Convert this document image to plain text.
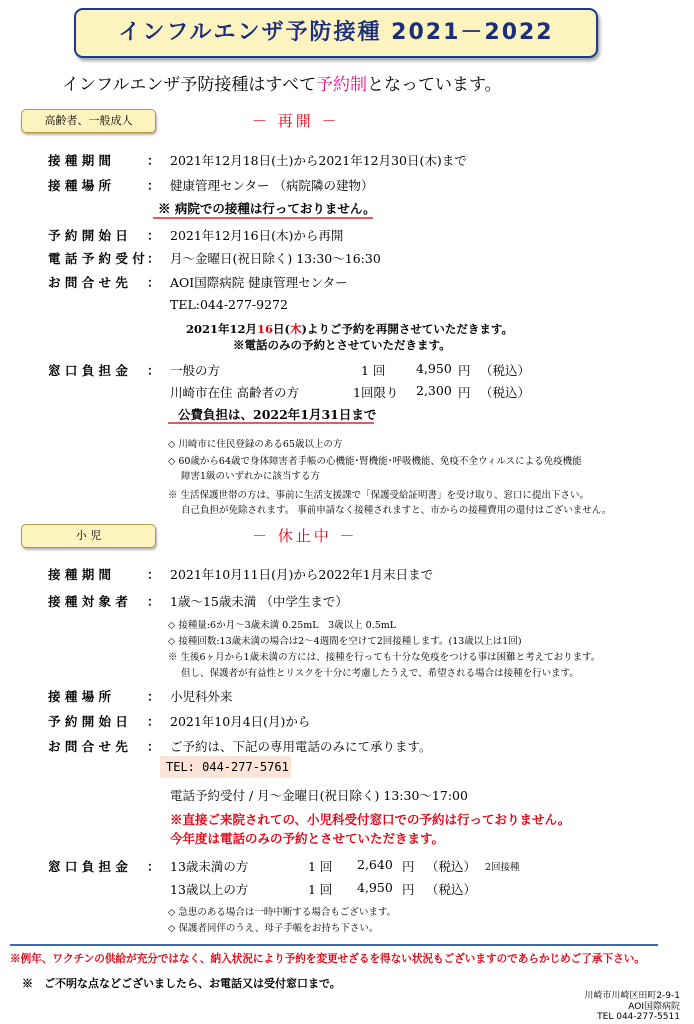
インフルエンザ予防接種 2021－2022
インフルエンザ予防接種はすべて予約制となっています。
高齢者、一般成人	－ 再開 －
接 種 期 間	： 2021年12月18日(土)から2021年12月30日(木)まで
接 種 場 所	： 健康管理センター （病院隣の建物）
※ 病院での接種は行っておりません。
予 約 開 始 日 ： 2021年12月16日(木)から再開
電 話 予 約 受 付 ： 月～金曜日(祝日除く) 13:30～16:30
お 問 合 せ 先 ： AOI国際病院 健康管理センター
TEL:044-277-9272
2021年12月16日(木)よりご予約を再開させていただきます。
※電話のみの予約とさせていただきます。
窓 口 負 担 金 ： 一般の方	1 回 4,950 円 （税込）
川崎市在住 高齢者の方	1回限り 2,300 円 （税込）
公費負担は、2022年1月31日まで
◇ 川崎市に住民登録のある65歳以上の方
◇ 60歳から64歳で身体障害者手帳の心機能･腎機能･呼吸機能、免疫不全ウィルスによる免疫機能
障害1級のいずれかに該当する方
※ 生活保護世帯の方は、事前に生活支援課で「保護受給証明書」を受け取り、窓口に提出下さい。
自己負担が免除されます。 事前申請なく接種されますと、市からの接種費用の還付はございません。
小 児	－ 休止中 －
接 種 期 間	： 2021年10月11日(月)から2022年1月末日まで
接 種 対 象 者 ： 1歳～15歳未満 （中学生まで）
◇ 接種量:6か月～3歳未満 0.25mL　3歳以上 0.5mL
◇ 接種回数:13歳未満の場合は2～4週間を空けて2回接種します。(13歳以上は1回)
※ 生後6ヶ月から1歳未満の方には、接種を行っても十分な免疫をつける事は困難と考えております。
但し、保護者が有益性とリスクを十分に考慮したうえで、希望される場合は接種を行います。
接 種 場 所	： 小児科外来
予 約 開 始 日 ： 2021年10月4日(月)から
お 問 合 せ 先 ： ご予約は、下記の専用電話のみにて承ります。
TEL: 044-277-5761
電話予約受付 / 月～金曜日(祝日除く) 13:30～17:00
※直接ご来院されての、小児科受付窓口での予約は行っておりません。
今年度は電話のみの予約とさせていただきます。
窓 口 負 担 金 ： 13歳未満の方	1 回 2,640 円 （税込） 2回接種
13歳以上の方	1 回 4,950 円 （税込）
◇ 急患のある場合は一時中断する場合もございます。
◇ 保護者同伴のうえ、母子手帳をお持ち下さい。
※例年、ワクチンの供給が充分ではなく、納入状況により予約を変更せざるを得ない状況もございますのであらかじめご了承下さい。
※　ご不明な点などございましたら、お電話又は受付窓口まで。
川崎市川崎区田町2-9-1
AOI国際病院
TEL 044-277-5511
